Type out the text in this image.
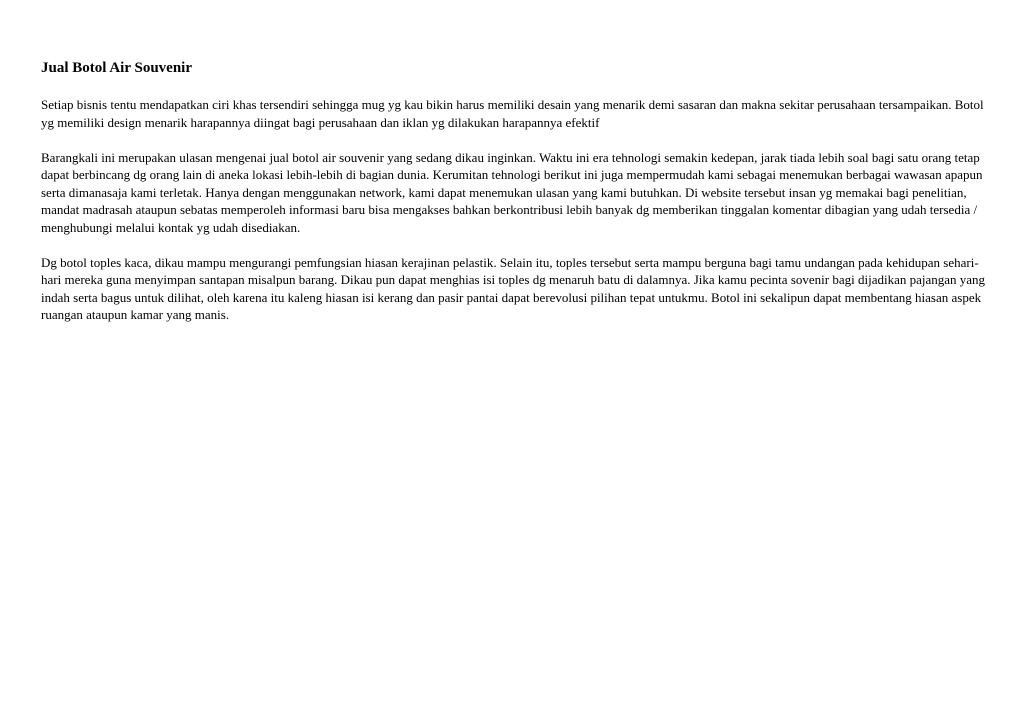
Jual Botol Air Souvenir

Setiap bisnis tentu mendapatkan ciri khas tersendiri sehingga mug yg kau bikin harus memiliki desain yang menarik demi sasaran dan makna sekitar perusahaan tersampaikan. Botol yg memiliki design menarik harapannya diingat bagi perusahaan dan iklan yg dilakukan harapannya efektif

Barangkali ini merupakan ulasan mengenai jual botol air souvenir yang sedang dikau inginkan. Waktu ini era tehnologi semakin kedepan, jarak tiada lebih soal bagi satu orang tetap dapat berbincang dg orang lain di aneka lokasi lebih-lebih di bagian dunia. Kerumitan tehnologi berikut ini juga mempermudah kami sebagai menemukan berbagai wawasan apapun serta dimanasaja kami terletak. Hanya dengan menggunakan network, kami dapat menemukan ulasan yang kami butuhkan. Di website tersebut insan yg memakai bagi penelitian, mandat madrasah ataupun sebatas memperoleh informasi baru bisa mengakses bahkan berkontribusi lebih banyak dg memberikan tinggalan komentar dibagian yang udah tersedia / menghubungi melalui kontak yg udah disediakan.

Dg botol toples kaca, dikau mampu mengurangi pemfungsian hiasan kerajinan pelastik. Selain itu, toples tersebut serta mampu berguna bagi tamu undangan pada kehidupan sehari-hari mereka guna menyimpan santapan misalpun barang. Dikau pun dapat menghias isi toples dg menaruh batu di dalamnya. Jika kamu pecinta sovenir bagi dijadikan pajangan yang indah serta bagus untuk dilihat, oleh karena itu kaleng hiasan isi kerang dan pasir pantai dapat berevolusi pilihan tepat untukmu. Botol ini sekalipun dapat membentang hiasan aspek ruangan ataupun kamar yang manis.
